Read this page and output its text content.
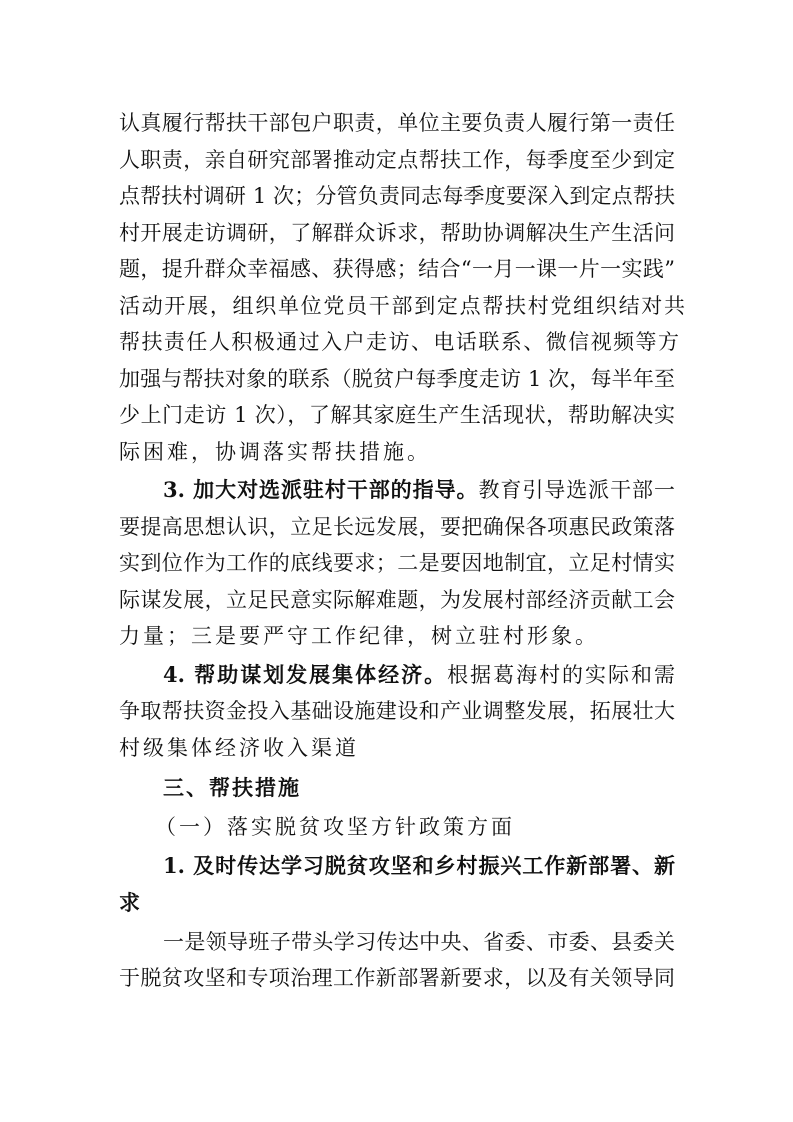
认真履行帮扶干部包户职责，单位主要负责人履行第一责任
人职责，亲自研究部署推动定点帮扶工作，每季度至少到定
点帮扶村调研 1 次；分管负责同志每季度要深入到定点帮扶
村开展走访调研，了解群众诉求，帮助协调解决生产生活问
题，提升群众幸福感、获得感；结合“一月一课一片一实践”
活动开展，组织单位党员干部到定点帮扶村党组织结对共
帮扶责任人积极通过入户走访、电话联系、微信视频等方
加强与帮扶对象的联系（脱贫户每季度走访 1 次，每半年至
少上门走访 1 次），了解其家庭生产生活现状，帮助解决实
际困难，协调落实帮扶措施。
3. 加大对选派驻村干部的指导。教育引导选派干部一
要提高思想认识，立足长远发展，要把确保各项惠民政策落
实到位作为工作的底线要求；二是要因地制宜，立足村情实
际谋发展，立足民意实际解难题，为发展村部经济贡献工会
力量；三是要严守工作纪律，树立驻村形象。
4. 帮助谋划发展集体经济。根据葛海村的实际和需
争取帮扶资金投入基础设施建设和产业调整发展，拓展壮大
村级集体经济收入渠道
三、帮扶措施
（一）落实脱贫攻坚方针政策方面
1. 及时传达学习脱贫攻坚和乡村振兴工作新部署、新
求
一是领导班子带头学习传达中央、省委、市委、县委关
于脱贫攻坚和专项治理工作新部署新要求，以及有关领导同
